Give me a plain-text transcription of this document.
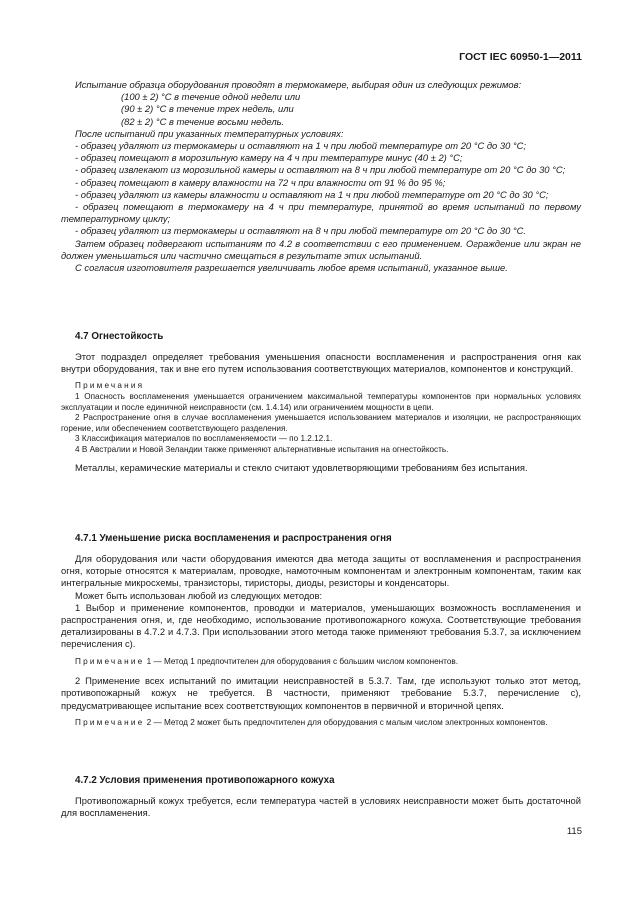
ГОСТ IEC 60950-1—2011

Испытание образца оборудования проводят в термокамере, выбирая один из следующих режимов:

(100 ± 2) °С в течение одной недели или

(90 ± 2) °С в течение трех недель, или

(82 ± 2) °С в течение восьми недель.

После испытаний при указанных температурных условиях:

- образец удаляют из термокамеры и оставляют на 1 ч при любой температуре от 20 °С до 30 °С;

- образец помещают в морозильную камеру на 4 ч при температуре минус (40 ± 2) °С;

- образец извлекают из морозильной камеры и оставляют на 8 ч при любой температуре от 20 °С до 30 °С;

- образец помещают в камеру влажности на 72 ч при влажности от 91 % до 95 %;

- образец удаляют из камеры влажности и оставляют на 1 ч при любой температуре от 20 °С до 30 °С;

- образец помещают в термокамеру на 4 ч при температуре, принятой во время испытаний по первому температурному циклу;

- образец удаляют из термокамеры и оставляют на 8 ч при любой температуре от 20 °С до 30 °С.

Затем образец подвергают испытаниям по 4.2 в соответствии с его применением. Ограждение или экран не должен уменьшаться или частично смещаться в результате этих испытаний.

С согласия изготовителя разрешается увеличивать любое время испытаний, указанное выше.

4.7 Огнестойкость

Этот подраздел определяет требования уменьшения опасности воспламенения и распространения огня как внутри оборудования, так и вне его путем использования соответствующих материалов, компонентов и конструкций.

Примечания

1 Опасность воспламенения уменьшается ограничением максимальной температуры компонентов при нормальных условиях эксплуатации и после единичной неисправности (см. 1.4.14) или ограничением мощности в цепи.

2 Распространение огня в случае воспламенения уменьшается использованием материалов и изоляции, не распространяющих горение, или обеспечением соответствующего разделения.

3 Классификация материалов по воспламеняемости — по 1.2.12.1.

4 В Австралии и Новой Зеландии также применяют альтернативные испытания на огнестойкость.

Металлы, керамические материалы и стекло считают удовлетворяющими требованиям без испытания.

4.7.1 Уменьшение риска воспламенения и распространения огня

Для оборудования или части оборудования имеются два метода защиты от воспламенения и распространения огня, которые относятся к материалам, проводке, намоточным компонентам и электронным компонентам, таким как интегральные микросхемы, транзисторы, тиристоры, диоды, резисторы и конденсаторы.

Может быть использован любой из следующих методов:

1 Выбор и применение компонентов, проводки и материалов, уменьшающих возможность воспламенения и распространения огня, и, где необходимо, использование противопожарного кожуха. Соответствующие требования детализированы в 4.7.2 и 4.7.3. При использовании этого метода также применяют требования 5.3.7, за исключением перечисления с).

Примечание 1 — Метод 1 предпочтителен для оборудования с большим числом компонентов.

2 Применение всех испытаний по имитации неисправностей в 5.3.7. Там, где используют только этот метод, противопожарный кожух не требуется. В частности, применяют требование 5.3.7, перечисление с), предусматривающее испытание всех соответствующих компонентов в первичной и вторичной цепях.

Примечание 2 — Метод 2 может быть предпочтителен для оборудования с малым числом электронных компонентов.

4.7.2 Условия применения противопожарного кожуха

Противопожарный кожух требуется, если температура частей в условиях неисправности может быть достаточной для воспламенения.

115
